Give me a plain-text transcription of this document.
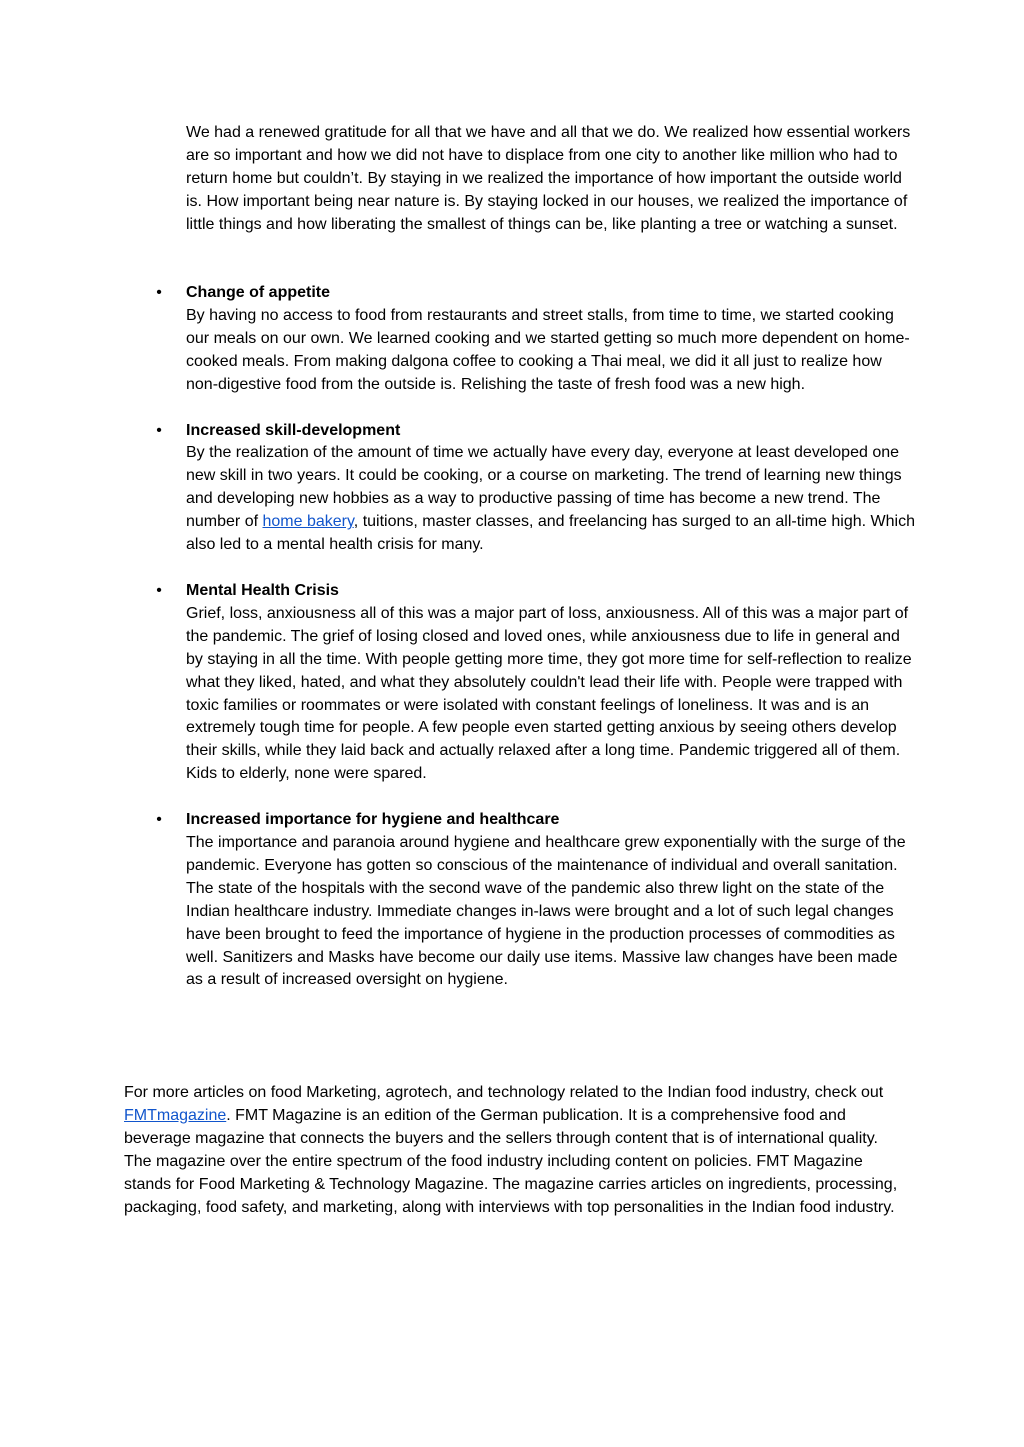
We had a renewed gratitude for all that we have and all that we do. We realized how essential workers are so important and how we did not have to displace from one city to another like million who had to return home but couldn’t. By staying in we realized the importance of how important the outside world is. How important being near nature is. By staying locked in our houses, we realized the importance of little things and how liberating the smallest of things can be, like planting a tree or watching a sunset.

• Change of appetite

By having no access to food from restaurants and street stalls, from time to time, we started cooking our meals on our own. We learned cooking and we started getting so much more dependent on home-cooked meals. From making dalgona coffee to cooking a Thai meal, we did it all just to realize how non-digestive food from the outside is. Relishing the taste of fresh food was a new high.

• Increased skill-development

By the realization of the amount of time we actually have every day, everyone at least developed one new skill in two years. It could be cooking, or a course on marketing. The trend of learning new things and developing new hobbies as a way to productive passing of time has become a new trend. The number of home bakery, tuitions, master classes, and freelancing has surged to an all-time high. Which also led to a mental health crisis for many.

• Mental Health Crisis

Grief, loss, anxiousness all of this was a major part of loss, anxiousness. All of this was a major part of the pandemic. The grief of losing closed and loved ones, while anxiousness due to life in general and by staying in all the time. With people getting more time, they got more time for self-reflection to realize what they liked, hated, and what they absolutely couldn't lead their life with. People were trapped with toxic families or roommates or were isolated with constant feelings of loneliness. It was and is an extremely tough time for people. A few people even started getting anxious by seeing others develop their skills, while they laid back and actually relaxed after a long time. Pandemic triggered all of them. Kids to elderly, none were spared.

• Increased importance for hygiene and healthcare

The importance and paranoia around hygiene and healthcare grew exponentially with the surge of the pandemic. Everyone has gotten so conscious of the maintenance of individual and overall sanitation. The state of the hospitals with the second wave of the pandemic also threw light on the state of the Indian healthcare industry. Immediate changes in-laws were brought and a lot of such legal changes have been brought to feed the importance of hygiene in the production processes of commodities as well. Sanitizers and Masks have become our daily use items. Massive law changes have been made as a result of increased oversight on hygiene.

For more articles on food Marketing, agrotech, and technology related to the Indian food industry, check out FMTmagazine. FMT Magazine is an edition of the German publication. It is a comprehensive food and beverage magazine that connects the buyers and the sellers through content that is of international quality. The magazine over the entire spectrum of the food industry including content on policies. FMT Magazine stands for Food Marketing & Technology Magazine. The magazine carries articles on ingredients, processing, packaging, food safety, and marketing, along with interviews with top personalities in the Indian food industry.
